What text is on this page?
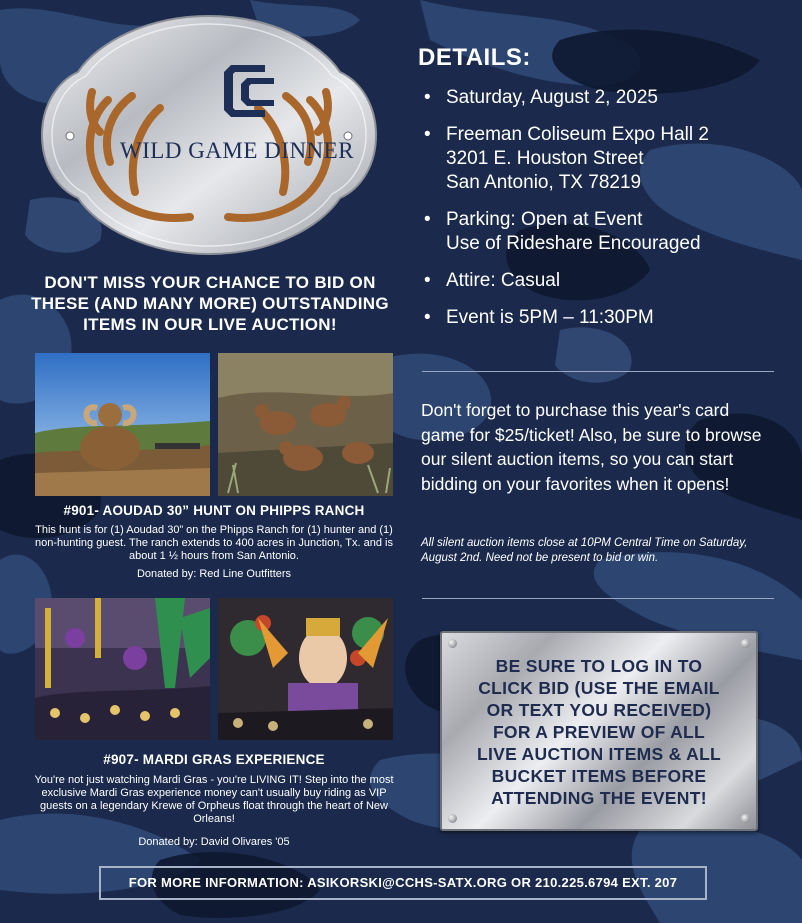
WILD GAME DINNER
DON'T MISS YOUR CHANCE TO BID ON
THESE (AND MANY MORE) OUTSTANDING
ITEMS IN OUR LIVE AUCTION!
#901- AOUDAD 30” HUNT ON PHIPPS RANCH
This hunt is for (1) Aoudad 30” on the Phipps Ranch for (1) hunter and (1) non-hunting guest. The ranch extends to 400 acres in Junction, Tx. and is about 1 ½ hours from San Antonio.
Donated by: Red Line Outfitters
#907- MARDI GRAS EXPERIENCE
You're not just watching Mardi Gras - you're LIVING IT! Step into the most exclusive Mardi Gras experience money can't usually buy riding as VIP guests on a legendary Krewe of Orpheus float through the heart of New Orleans!
Donated by: David Olivares '05
DETAILS:
• Saturday, August 2, 2025
• Freeman Coliseum Expo Hall 2
3201 E. Houston Street
San Antonio, TX 78219
• Parking: Open at Event
Use of Rideshare Encouraged
• Attire: Casual
• Event is 5PM – 11:30PM
Don't forget to purchase this year's card game for $25/ticket! Also, be sure to browse our silent auction items, so you can start bidding on your favorites when it opens!
All silent auction items close at 10PM Central Time on Saturday, August 2nd. Need not be present to bid or win.
BE SURE TO LOG IN TO
CLICK BID (USE THE EMAIL
OR TEXT YOU RECEIVED)
FOR A PREVIEW OF ALL
LIVE AUCTION ITEMS & ALL
BUCKET ITEMS BEFORE
ATTENDING THE EVENT!
FOR MORE INFORMATION: ASIKORSKI@CCHS-SATX.ORG OR 210.225.6794 EXT. 207
